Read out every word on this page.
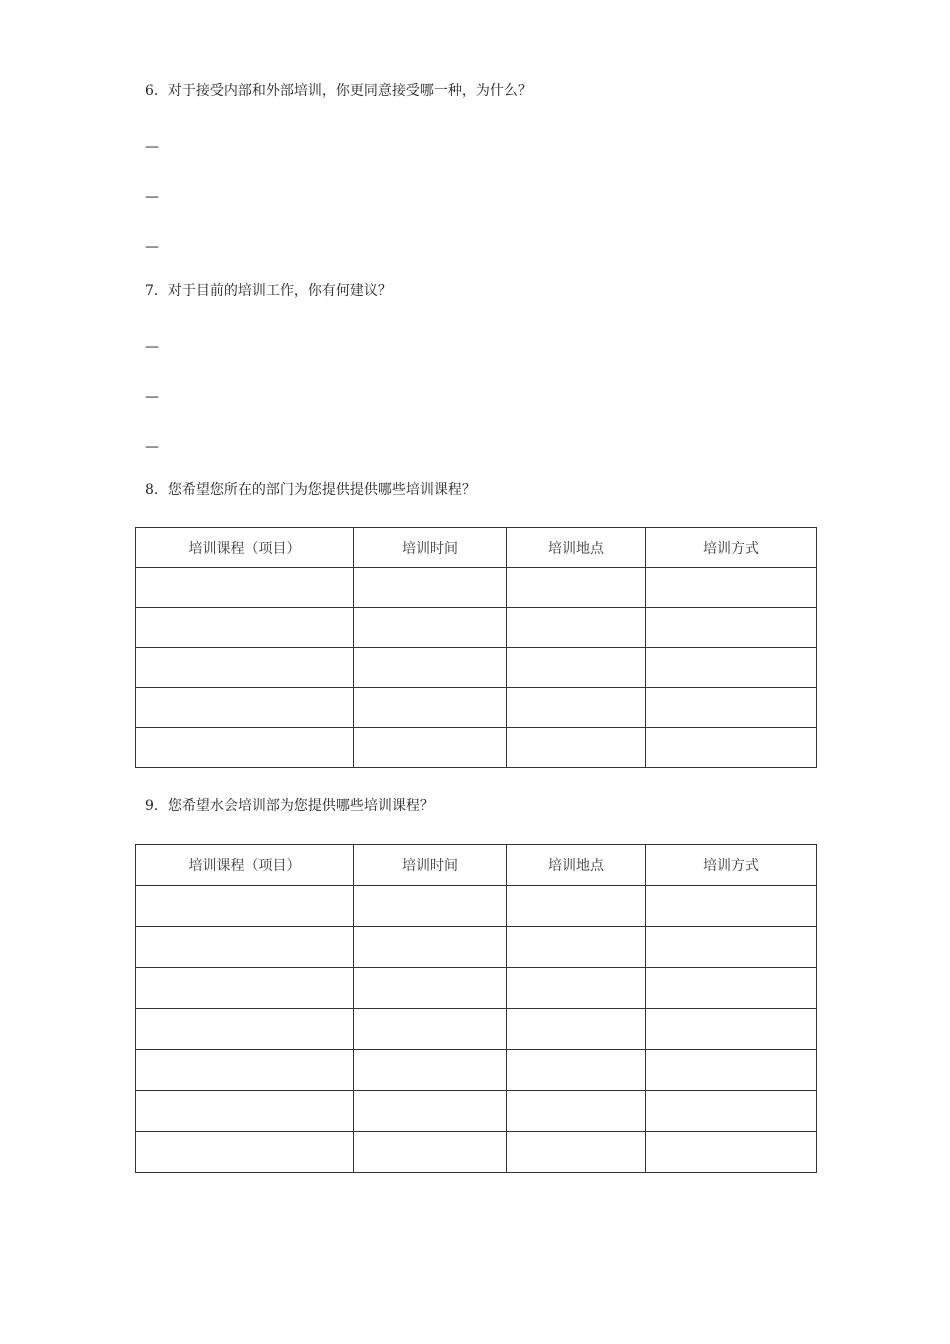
6．对于接受内部和外部培训，你更同意接受哪一种，为什么？
—
—
—
7．对于目前的培训工作，你有何建议？
—
—
—
8．您希望您所在的部门为您提供提供哪些培训课程？
培训课程（项目）	培训时间	培训地点	培训方式

9．您希望水会培训部为您提供哪些培训课程？
培训课程（项目）	培训时间	培训地点	培训方式
